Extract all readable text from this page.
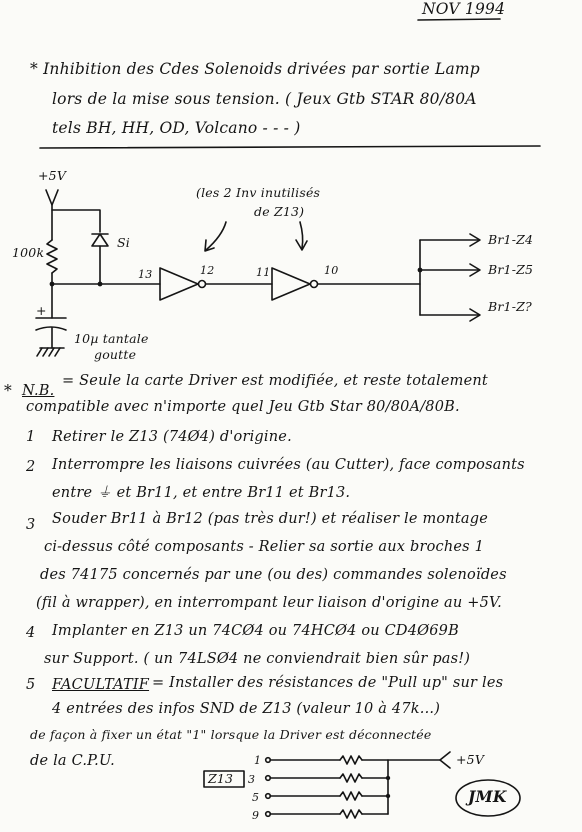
NOV 1994
* Inhibition des Cdes Solenoids drivées par sortie Lamp
lors de la mise sous tension. ( Jeux Gtb STAR 80/80A
tels BH, HH, OD, Volcano - - - )
+5V
100k
Si
+
10µ tantale
goutte
(les 2 Inv inutilisés
de Z13)
13	12	11	10
Br1-Z4
Br1-Z5
Br1-Z?
* N.B.
= Seule la carte Driver est modifiée, et reste totalement
compatible avec n'importe quel Jeu Gtb Star 80/80A/80B.
1 Retirer le Z13 (74Ø4) d'origine.
2 Interrompre les liaisons cuivrées (au Cutter), face composants
entre ⏚ et Br11, et entre Br11 et Br13.
3 Souder Br11 à Br12 (pas très dur!) et réaliser le montage
ci-dessus côté composants - Relier sa sortie aux broches 1
des 74175 concernés par une (ou des) commandes solenoïdes
(fil à wrapper), en interrompant leur liaison d'origine au +5V.
4 Implanter en Z13 un 74CØ4 ou 74HCØ4 ou CD4Ø69B
sur Support. ( un 74LSØ4 ne conviendrait bien sûr pas!)
5 FACULTATIF = Installer des résistances de "Pull up" sur les
4 entrées des infos SND de Z13 (valeur 10 à 47k...)
de façon à fixer un état "1" lorsque la Driver est déconnectée
de la C.P.U.
Z13
1
3
5
9
+5V
JMK
